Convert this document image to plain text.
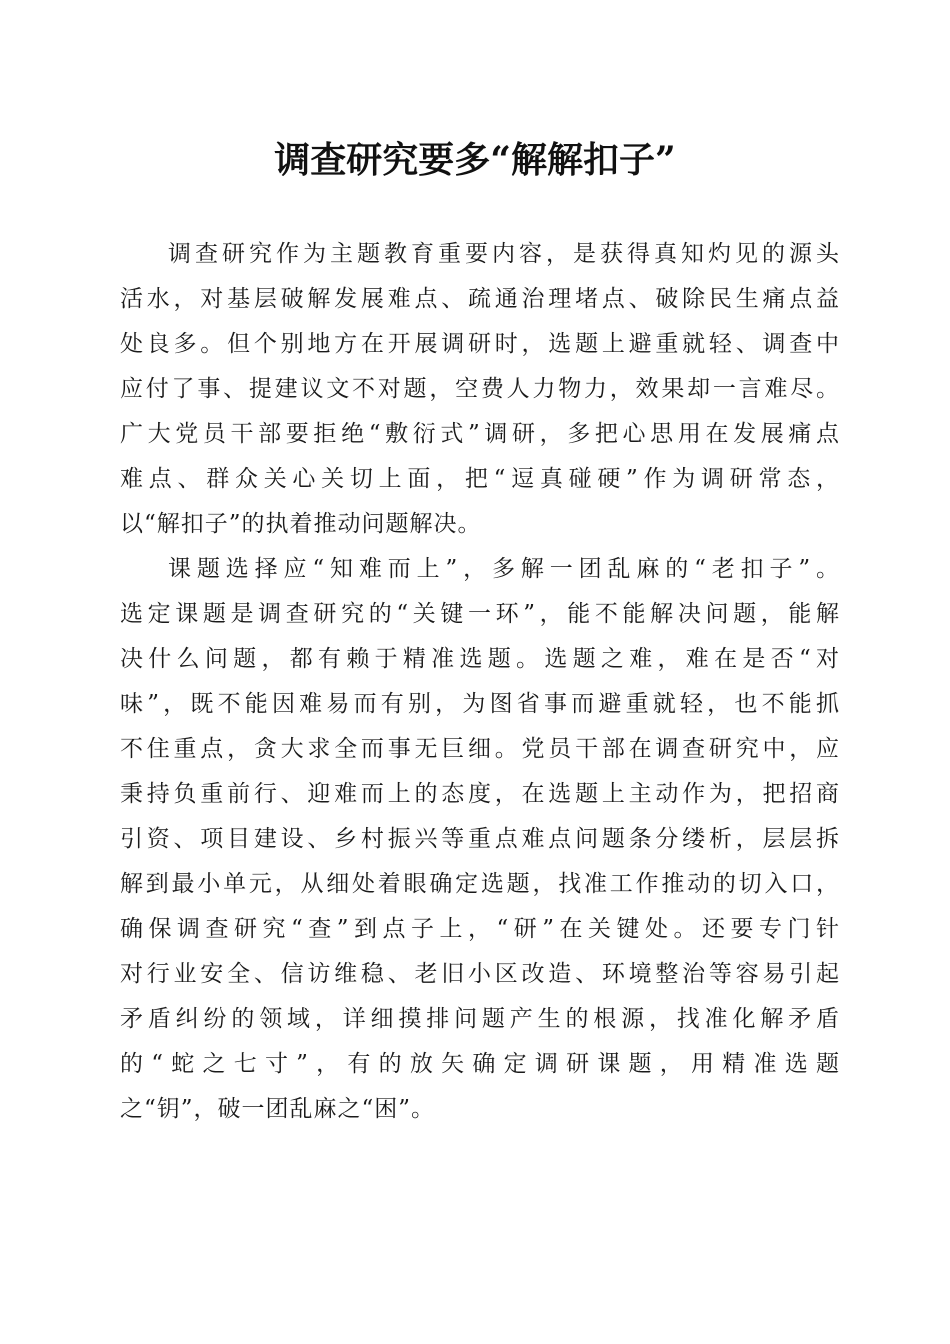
调查研究要多“解解扣子”
调查研究作为主题教育重要内容，是获得真知灼见的源头
活水，对基层破解发展难点、疏通治理堵点、破除民生痛点益
处良多。但个别地方在开展调研时，选题上避重就轻、调查中
应付了事、提建议文不对题，空费人力物力，效果却一言难尽。
广大党员干部要拒绝“敷衍式”调研，多把心思用在发展痛点
难点、群众关心关切上面，把“逗真碰硬”作为调研常态，
以“解扣子”的执着推动问题解决。
课题选择应“知难而上”，多解一团乱麻的“老扣子”。
选定课题是调查研究的“关键一环”，能不能解决问题，能解
决什么问题，都有赖于精准选题。选题之难，难在是否“对
味”，既不能因难易而有别，为图省事而避重就轻，也不能抓
不住重点，贪大求全而事无巨细。党员干部在调查研究中，应
秉持负重前行、迎难而上的态度，在选题上主动作为，把招商
引资、项目建设、乡村振兴等重点难点问题条分缕析，层层拆
解到最小单元，从细处着眼确定选题，找准工作推动的切入口，
确保调查研究“查”到点子上，“研”在关键处。还要专门针
对行业安全、信访维稳、老旧小区改造、环境整治等容易引起
矛盾纠纷的领域，详细摸排问题产生的根源，找准化解矛盾
的“蛇之七寸”，有的放矢确定调研课题，用精准选题
之“钥”，破一团乱麻之“困”。
